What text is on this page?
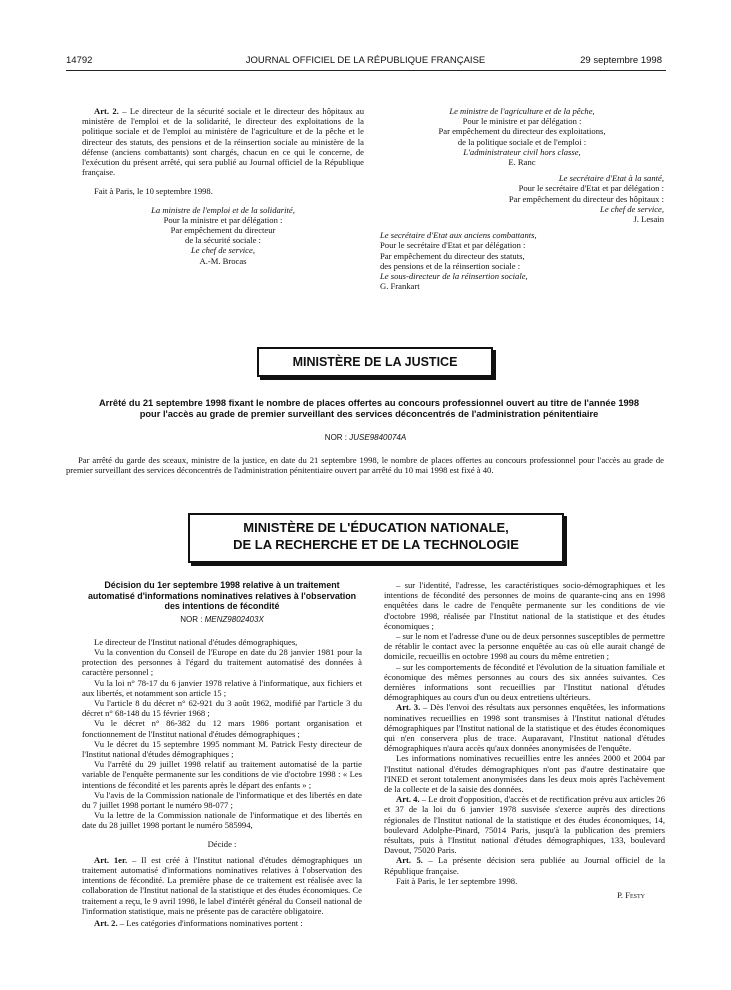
14792	JOURNAL OFFICIEL DE LA RÉPUBLIQUE FRANÇAISE	29 septembre 1998

Art. 2. – Le directeur de la sécurité sociale et le directeur des hôpitaux au ministère de l'emploi et de la solidarité, le directeur des exploitations de la politique sociale et de l'emploi au ministère de l'agriculture et de la pêche et le directeur des statuts, des pensions et de la réinsertion sociale au ministère de la défense (anciens combattants) sont chargés, chacun en ce qui le concerne, de l'exécution du présent arrêté, qui sera publié au Journal officiel de la République française.

Fait à Paris, le 10 septembre 1998.

La ministre de l'emploi et de la solidarité,

Pour la ministre et par délégation :

Par empêchement du directeur

de la sécurité sociale :

Le chef de service,

A.-M. Brocas

Le ministre de l'agriculture et de la pêche,

Pour le ministre et par délégation :

Par empêchement du directeur des exploitations,

de la politique sociale et de l'emploi :

L'administrateur civil hors classe,

E. Ranc

Le secrétaire d'Etat à la santé,

Pour le secrétaire d'Etat et par délégation :

Par empêchement du directeur des hôpitaux :

Le chef de service,

J. Lesain

Le secrétaire d'Etat aux anciens combattants,

Pour le secrétaire d'Etat et par délégation :

Par empêchement du directeur des statuts,

des pensions et de la réinsertion sociale :

Le sous-directeur de la réinsertion sociale,

G. Frankart

MINISTÈRE DE LA JUSTICE
Arrêté du 21 septembre 1998 fixant le nombre de places offertes au concours professionnel ouvert au titre de l'année 1998 pour l'accès au grade de premier surveillant des services déconcentrés de l'administration pénitentiaire
NOR : JUSE9840074A
Par arrêté du garde des sceaux, ministre de la justice, en date du 21 septembre 1998, le nombre de places offertes au concours professionnel pour l'accès au grade de premier surveillant des services déconcentrés de l'administration pénitentiaire ouvert par arrêté du 10 mai 1998 est fixé à 40.
MINISTÈRE DE L'ÉDUCATION NATIONALE,
DE LA RECHERCHE ET DE LA TECHNOLOGIE

Décision du 1er septembre 1998 relative à un traitement automatisé d'informations nominatives relatives à l'observation des intentions de fécondité

NOR : MENZ9802403X

Le directeur de l'Institut national d'études démographiques,

Vu la convention du Conseil de l'Europe en date du 28 janvier 1981 pour la protection des personnes à l'égard du traitement automatisé des données à caractère personnel ;

Vu la loi n° 78-17 du 6 janvier 1978 relative à l'informatique, aux fichiers et aux libertés, et notamment son article 15 ;

Vu l'article 8 du décret n° 62-921 du 3 août 1962, modifié par l'article 3 du décret n° 68-148 du 15 février 1968 ;

Vu le décret n° 86-382 du 12 mars 1986 portant organisation et fonctionnement de l'Institut national d'études démographiques ;

Vu le décret du 15 septembre 1995 nommant M. Patrick Festy directeur de l'Institut national d'études démographiques ;

Vu l'arrêté du 29 juillet 1998 relatif au traitement automatisé de la partie variable de l'enquête permanente sur les conditions de vie d'octobre 1998 : « Les intentions de fécondité et les parents après le départ des enfants » ;

Vu l'avis de la Commission nationale de l'informatique et des libertés en date du 7 juillet 1998 portant le numéro 98-077 ;

Vu la lettre de la Commission nationale de l'informatique et des libertés en date du 28 juillet 1998 portant le numéro 585994,

Décide :

Art. 1er. – Il est créé à l'Institut national d'études démographiques un traitement automatisé d'informations nominatives relatives à l'observation des intentions de fécondité. La première phase de ce traitement est réalisée avec la collaboration de l'Institut national de la statistique et des études économiques. Ce traitement a reçu, le 9 avril 1998, le label d'intérêt général du Conseil national de l'information statistique, mais ne présente pas de caractère obligatoire.

Art. 2. – Les catégories d'informations nominatives portent :

– sur l'identité, l'adresse, les caractéristiques socio-démographiques et les intentions de fécondité des personnes de moins de quarante-cinq ans en 1998 enquêtées dans le cadre de l'enquête permanente sur les conditions de vie d'octobre 1998, réalisée par l'Institut national de la statistique et des études économiques ;

– sur le nom et l'adresse d'une ou de deux personnes susceptibles de permettre de rétablir le contact avec la personne enquêtée au cas où elle aurait changé de domicile, recueillis en octobre 1998 au cours du même entretien ;

– sur les comportements de fécondité et l'évolution de la situation familiale et économique des mêmes personnes au cours des six années suivantes. Ces dernières informations sont recueillies par l'Institut national d'études démographiques au cours d'un ou deux entretiens ultérieurs.

Art. 3. – Dès l'envoi des résultats aux personnes enquêtées, les informations nominatives recueillies en 1998 sont transmises à l'Institut national d'études démographiques par l'Institut national de la statistique et des études économiques qui n'en conservera plus de trace. Auparavant, l'Institut national d'études démographiques n'aura accès qu'aux données anonymisées de l'enquête.

Les informations nominatives recueillies entre les années 2000 et 2004 par l'Institut national d'études démographiques n'ont pas d'autre destinataire que l'INED et seront totalement anonymisées dans les deux mois après l'achèvement de la collecte et de la saisie des données.

Art. 4. – Le droit d'opposition, d'accès et de rectification prévu aux articles 26 et 37 de la loi du 6 janvier 1978 susvisée s'exerce auprès des directions régionales de l'Institut national de la statistique et des études économiques, 14, boulevard Adolphe-Pinard, 75014 Paris, jusqu'à la publication des premiers résultats, puis à l'Institut national d'études démographiques, 133, boulevard Davout, 75020 Paris.

Art. 5. – La présente décision sera publiée au Journal officiel de la République française.

Fait à Paris, le 1er septembre 1998.

P. Festy
